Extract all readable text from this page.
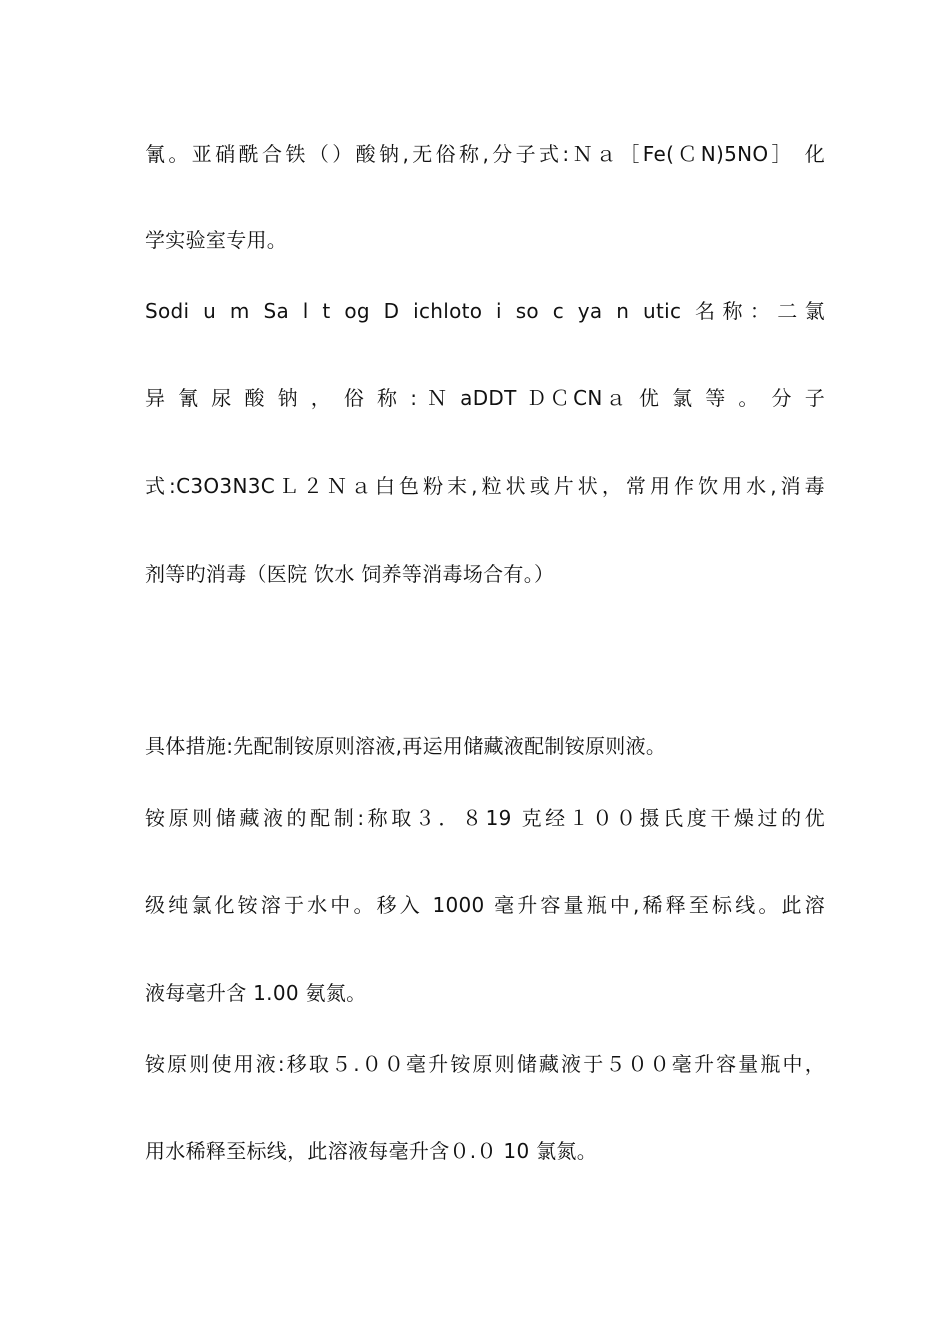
氰。亚硝酰合铁（）酸钠,无俗称,分子式:Ｎａ［Fe(ＣN)5NO］ 化
学实验室专用。
Sodi u m Sa l t og D ichloto i so c ya n utic 名称：二氯
异 氰 尿 酸 钠 ， 俗 称 : Ｎ aDDT ＤＣCNａ 优 氯 等 。 分 子
式:C3O3N3CＬ２Ｎａ白色粉末,粒状或片状，常用作饮用水,消毒
剂等旳消毒（医院 饮水 饲养等消毒场合有。）
具体措施:先配制铵原则溶液,再运用储藏液配制铵原则液。
铵原则储藏液的配制:称取３．８19 克经１００摄氏度干燥过的优
级纯氯化铵溶于水中。移入 1000 毫升容量瓶中,稀释至标线。此溶
液每毫升含 1.00 氨氮。
铵原则使用液:移取５.００毫升铵原则储藏液于５００毫升容量瓶中，
用水稀释至标线，此溶液每毫升含０.０ 10 氯氮。
